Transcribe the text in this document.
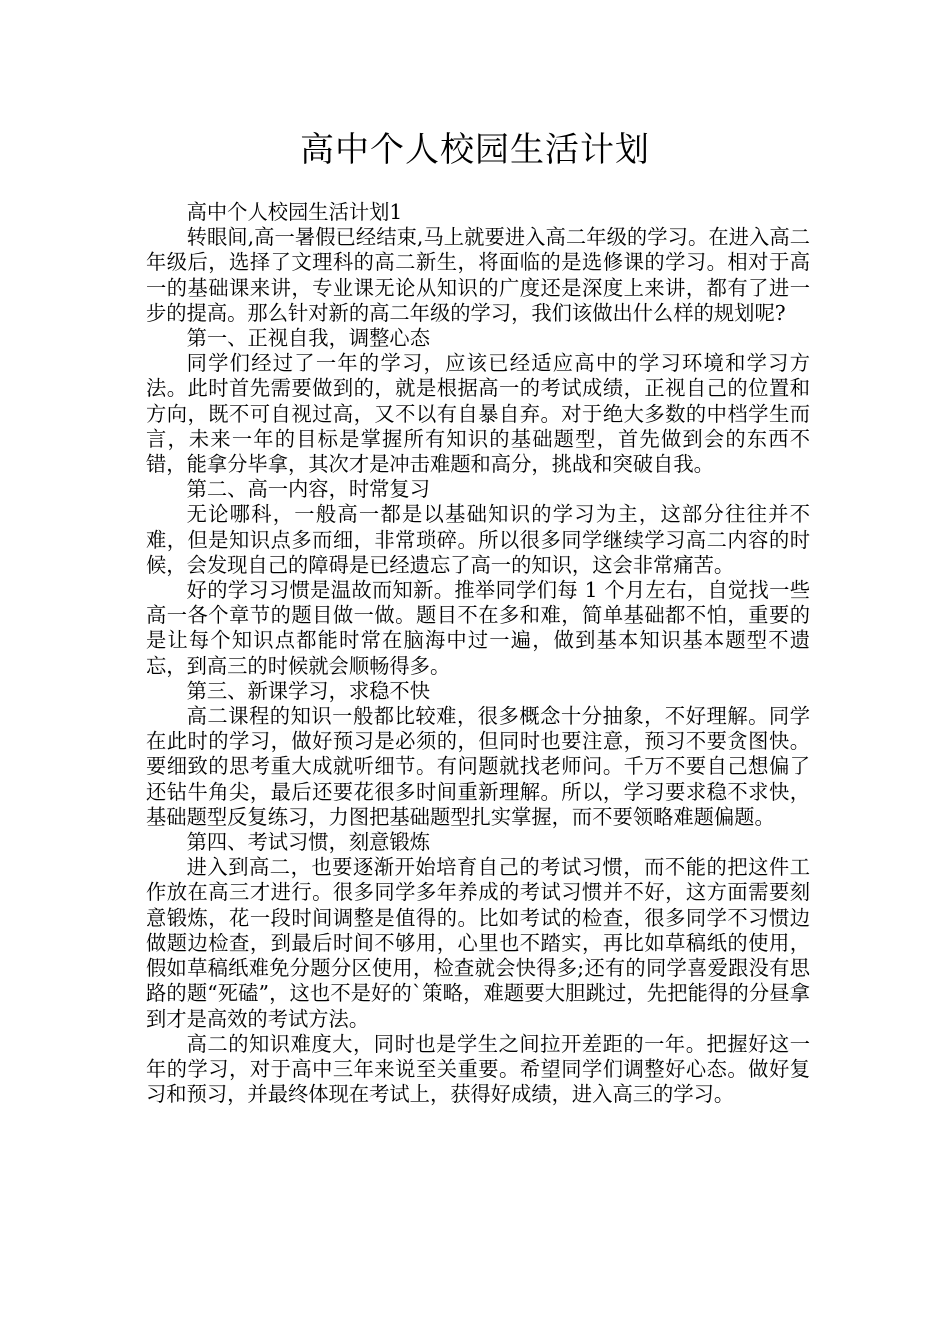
高中个人校园生活计划

高中个人校园生活计划1

转眼间,高一暑假已经结束,马上就要进入高二年级的学习。在进入高二年级后，选择了文理科的高二新生，将面临的是选修课的学习。相对于高一的基础课来讲，专业课无论从知识的广度还是深度上来讲，都有了进一步的提高。那么针对新的高二年级的学习，我们该做出什么样的规划呢?

第一、正视自我，调整心态

同学们经过了一年的学习，应该已经适应高中的学习环境和学习方法。此时首先需要做到的，就是根据高一的考试成绩，正视自己的位置和方向，既不可自视过高，又不以有自暴自弃。对于绝大多数的中档学生而言，未来一年的目标是掌握所有知识的基础题型，首先做到会的东西不错，能拿分毕拿，其次才是冲击难题和高分，挑战和突破自我。

第二、高一内容，时常复习

无论哪科，一般高一都是以基础知识的学习为主，这部分往往并不难，但是知识点多而细，非常琐碎。所以很多同学继续学习高二内容的时候，会发现自己的障碍是已经遗忘了高一的知识，这会非常痛苦。

好的学习习惯是温故而知新。推举同学们每 1 个月左右，自觉找一些高一各个章节的题目做一做。题目不在多和难，简单基础都不怕，重要的是让每个知识点都能时常在脑海中过一遍，做到基本知识基本题型不遗忘，到高三的时候就会顺畅得多。

第三、新课学习，求稳不快

高二课程的知识一般都比较难，很多概念十分抽象，不好理解。同学在此时的学习，做好预习是必须的，但同时也要注意，预习不要贪图快。要细致的思考重大成就听细节。有问题就找老师问。千万不要自己想偏了还钻牛角尖，最后还要花很多时间重新理解。所以，学习要求稳不求快，基础题型反复练习，力图把基础题型扎实掌握，而不要领略难题偏题。

第四、考试习惯，刻意锻炼

进入到高二，也要逐渐开始培育自己的考试习惯，而不能的把这件工作放在高三才进行。很多同学多年养成的考试习惯并不好，这方面需要刻意锻炼，花一段时间调整是值得的。比如考试的检查，很多同学不习惯边做题边检查，到最后时间不够用，心里也不踏实，再比如草稿纸的使用，假如草稿纸难免分题分区使用，检查就会快得多;还有的同学喜爱跟没有思路的题“死磕”，这也不是好的`策略，难题要大胆跳过，先把能得的分昼拿到才是高效的考试方法。

高二的知识难度大，同时也是学生之间拉开差距的一年。把握好这一年的学习，对于高中三年来说至关重要。希望同学们调整好心态。做好复习和预习，并最终体现在考试上，获得好成绩，进入高三的学习。
